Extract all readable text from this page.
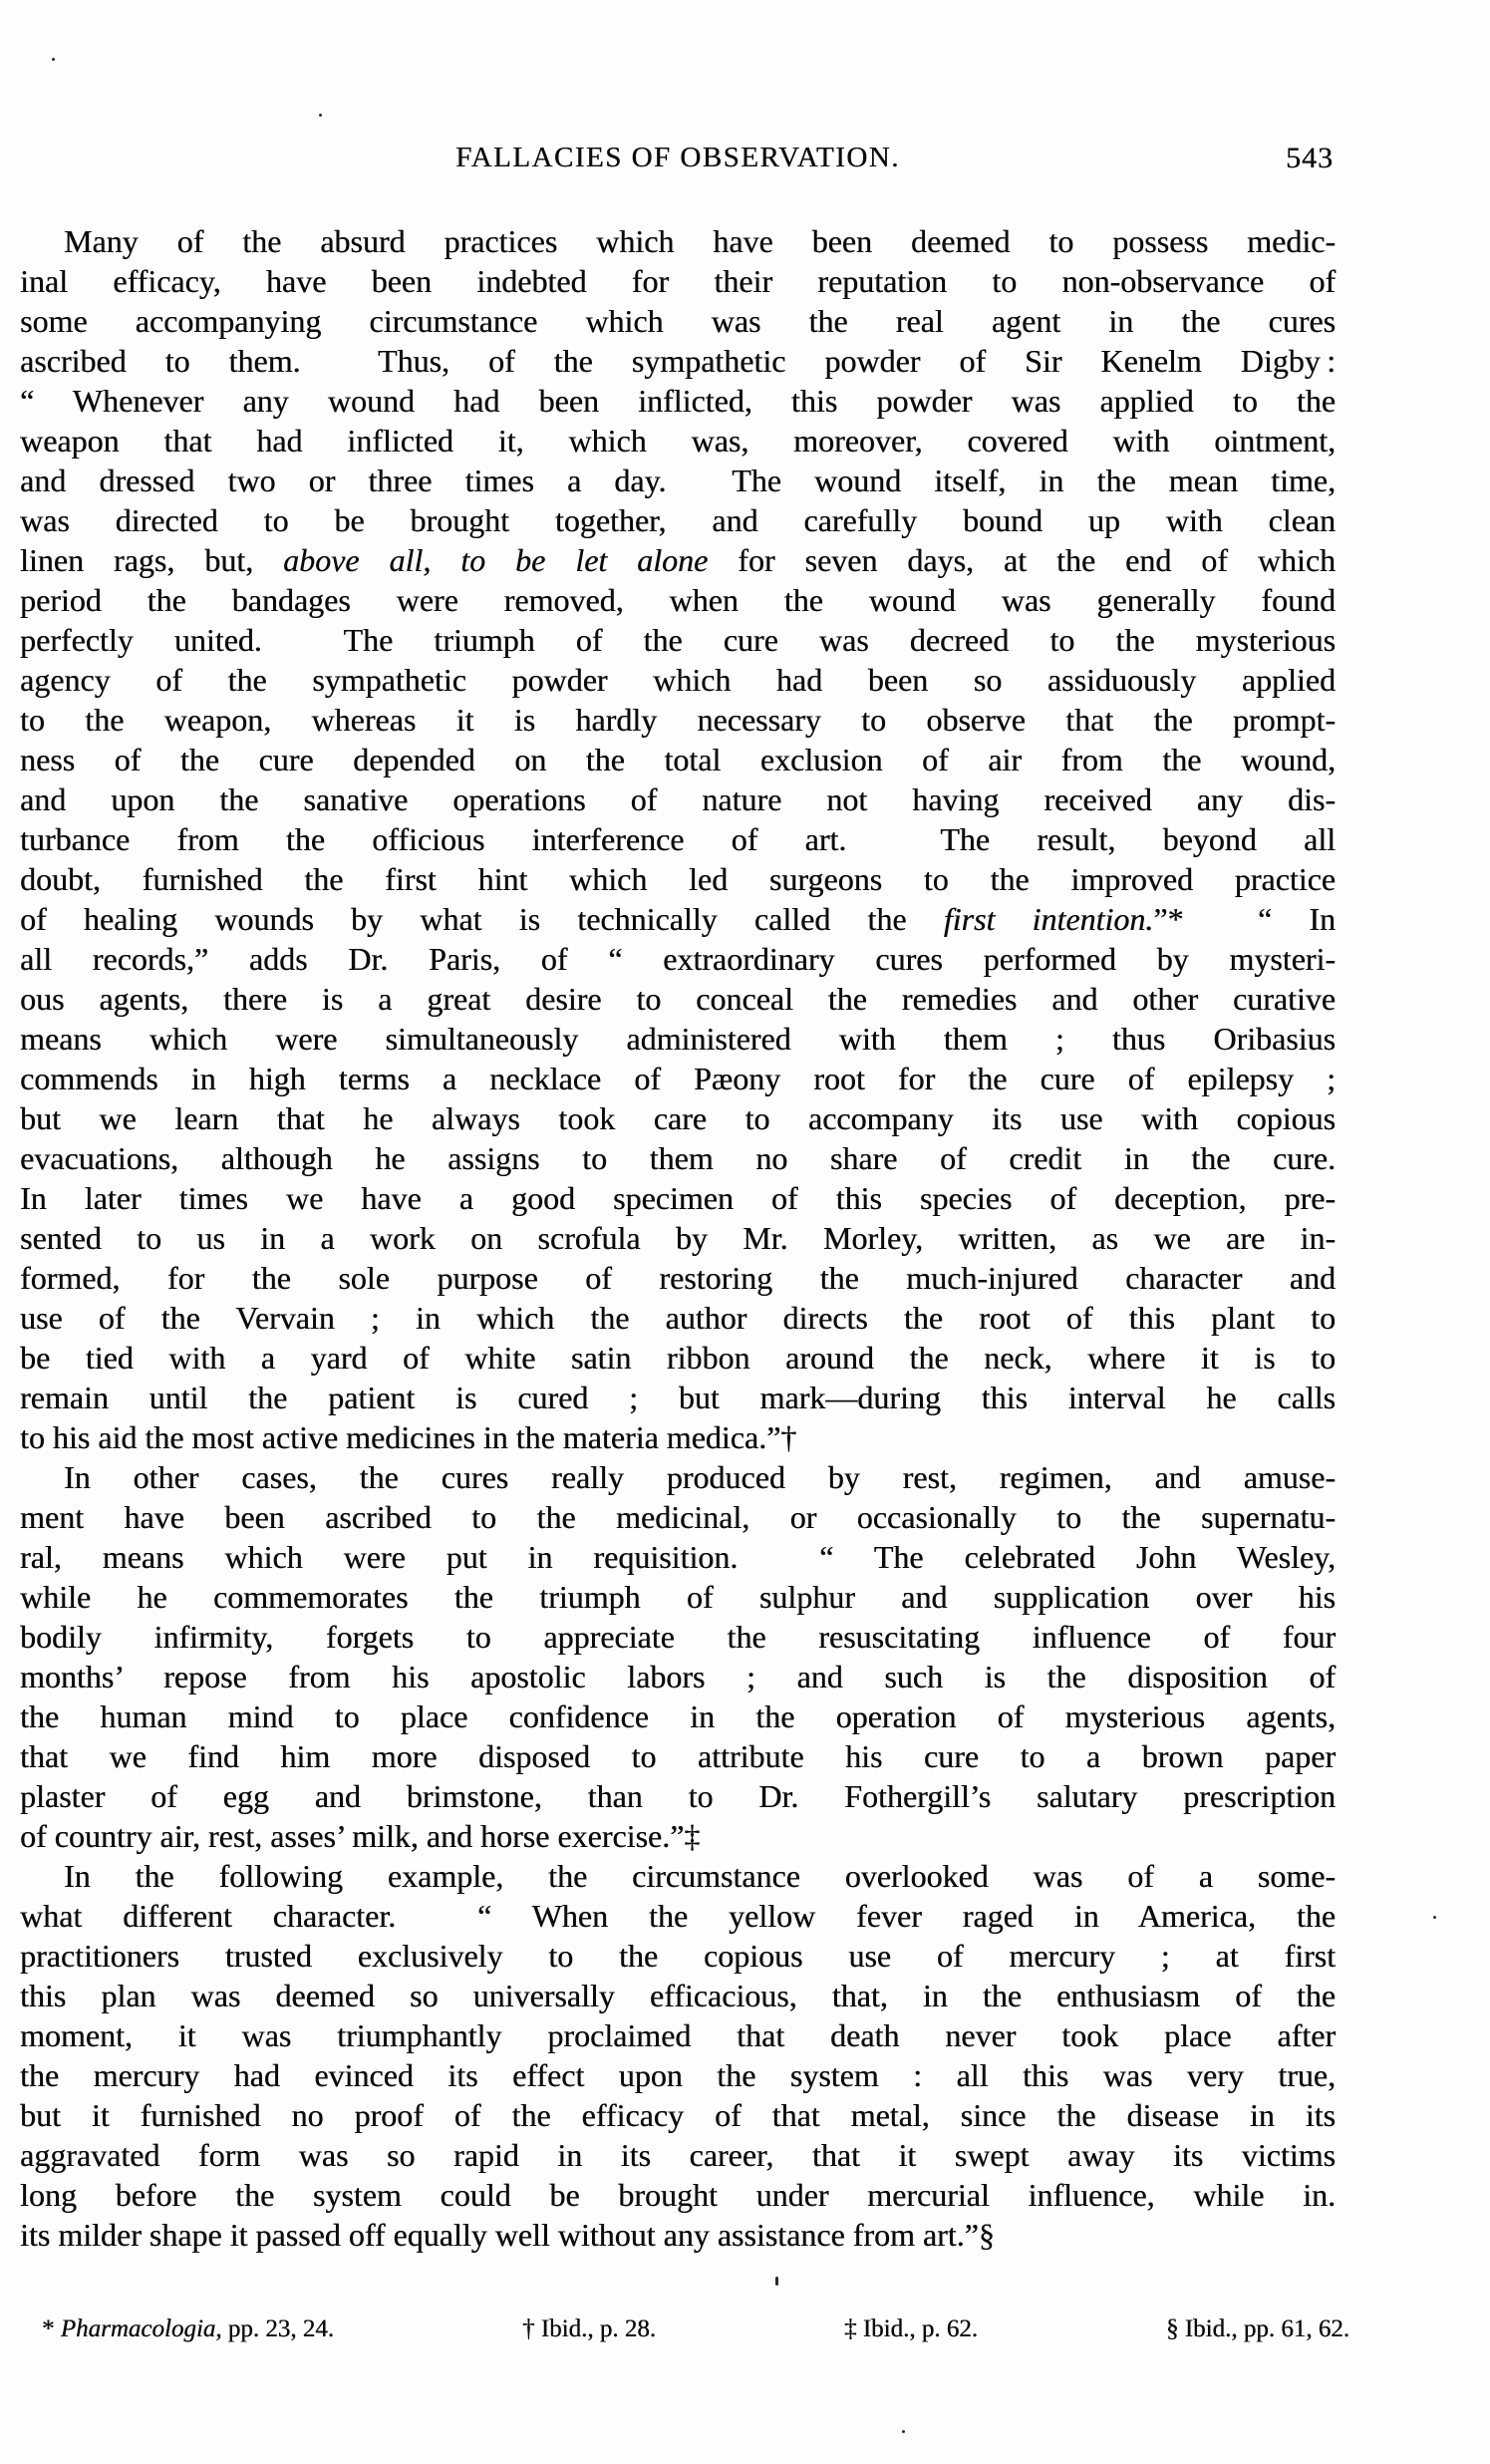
FALLACIES OF OBSERVATION.	543
Many of the absurd practices which have been deemed to possess medic-
inal efficacy, have been indebted for their reputation to non-observance of
some accompanying circumstance which was the real agent in the cures
ascribed to them.  Thus, of the sympathetic powder of Sir Kenelm Digby :
“ Whenever any wound had been inflicted, this powder was applied to the
weapon that had inflicted it, which was, moreover, covered with ointment,
and dressed two or three times a day.  The wound itself, in the mean time,
was directed to be brought together, and carefully bound up with clean
linen rags, but, above all, to be let alone for seven days, at the end of which
period the bandages were removed, when the wound was generally found
perfectly united.  The triumph of the cure was decreed to the mysterious
agency of the sympathetic powder which had been so assiduously applied
to the weapon, whereas it is hardly necessary to observe that the prompt-
ness of the cure depended on the total exclusion of air from the wound,
and upon the sanative operations of nature not having received any dis-
turbance from the officious interference of art.  The result, beyond all
doubt, furnished the first hint which led surgeons to the improved practice
of healing wounds by what is technically called the first intention.”*  “ In
all records,” adds Dr. Paris, of “ extraordinary cures performed by mysteri-
ous agents, there is a great desire to conceal the remedies and other curative
means which were simultaneously administered with them ; thus Oribasius
commends in high terms a necklace of Pæony root for the cure of epilepsy ;
but we learn that he always took care to accompany its use with copious
evacuations, although he assigns to them no share of credit in the cure.
In later times we have a good specimen of this species of deception, pre-
sented to us in a work on scrofula by Mr. Morley, written, as we are in-
formed, for the sole purpose of restoring the much-injured character and
use of the Vervain ; in which the author directs the root of this plant to
be tied with a yard of white satin ribbon around the neck, where it is to
remain until the patient is cured ; but mark—during this interval he calls
to his aid the most active medicines in the materia medica.”†
In other cases, the cures really produced by rest, regimen, and amuse-
ment have been ascribed to the medicinal, or occasionally to the supernatu-
ral, means which were put in requisition.  “ The celebrated John Wesley,
while he commemorates the triumph of sulphur and supplication over his
bodily infirmity, forgets to appreciate the resuscitating influence of four
months’ repose from his apostolic labors ; and such is the disposition of
the human mind to place confidence in the operation of mysterious agents,
that we find him more disposed to attribute his cure to a brown paper
plaster of egg and brimstone, than to Dr. Fothergill’s salutary prescription
of country air, rest, asses’ milk, and horse exercise.”‡
In the following example, the circumstance overlooked was of a some-
what different character.  “ When the yellow fever raged in America, the
practitioners trusted exclusively to the copious use of mercury ; at first
this plan was deemed so universally efficacious, that, in the enthusiasm of the
moment, it was triumphantly proclaimed that death never took place after
the mercury had evinced its effect upon the system : all this was very true,
but it furnished no proof of the efficacy of that metal, since the disease in its
aggravated form was so rapid in its career, that it swept away its victims
long before the system could be brought under mercurial influence, while in.
its milder shape it passed off equally well without any assistance from art.”§
* Pharmacologia, pp. 23, 24.	† Ibid., p. 28.	‡ Ibid., p. 62.	§ Ibid., pp. 61, 62.
